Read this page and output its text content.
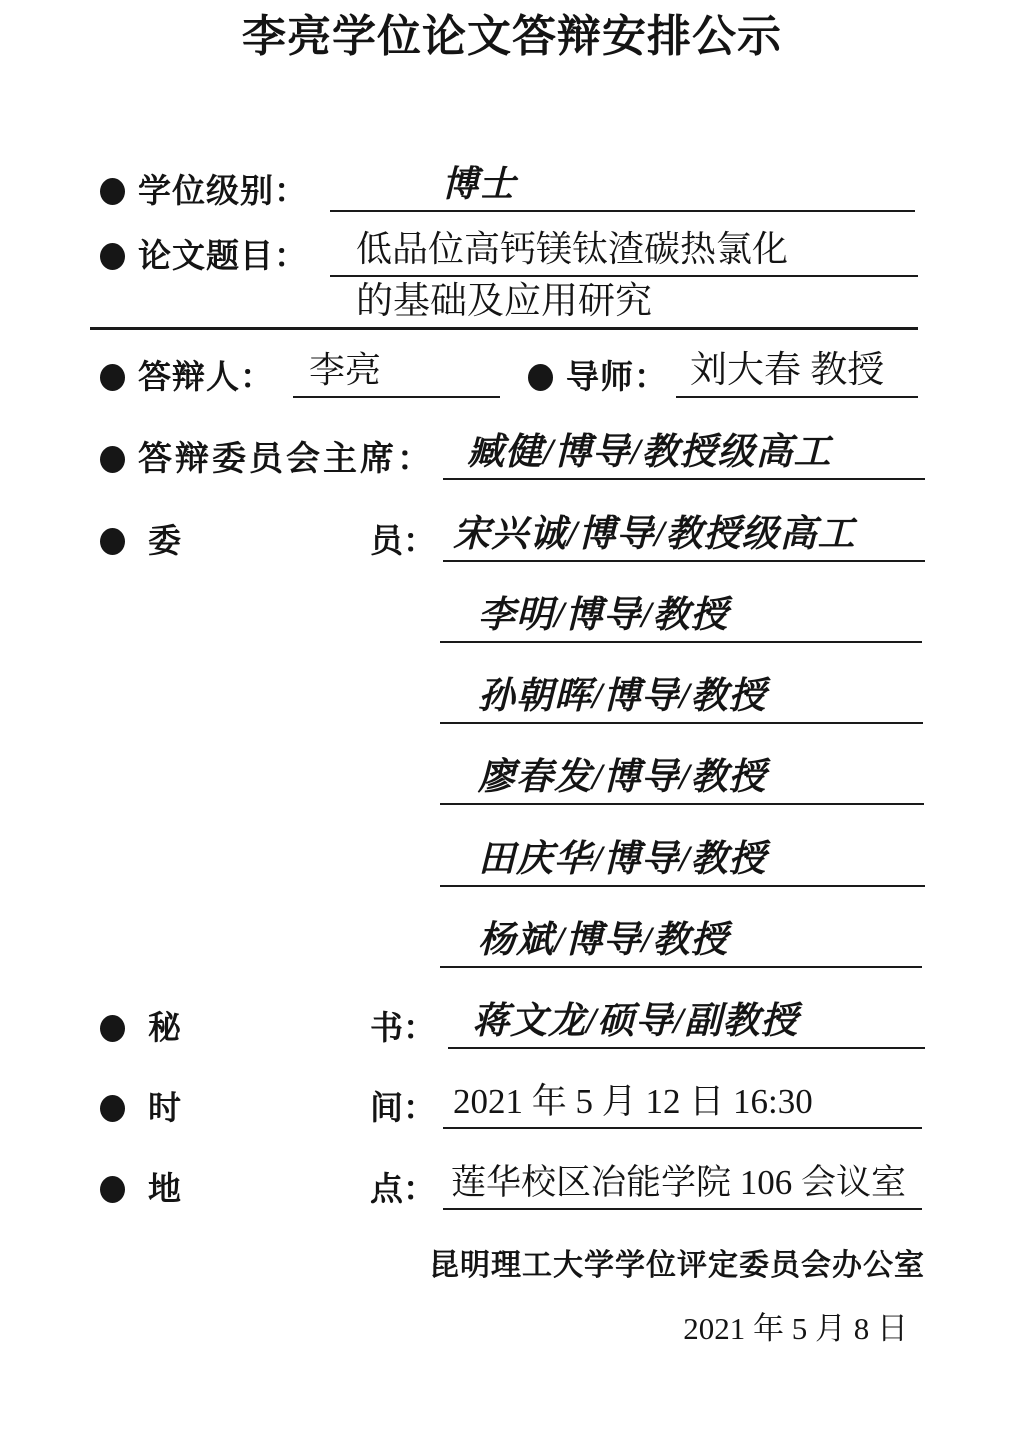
李亮学位论文答辩安排公示
学位级别：	博士
论文题目：	低品位高钙镁钛渣碳热氯化
的基础及应用研究
答辩人： 李亮	导师： 刘大春 教授
答辩委员会主席： 臧健/博导/教授级高工
委	员： 宋兴诚/博导/教授级高工
李明/博导/教授
孙朝晖/博导/教授
廖春发/博导/教授
田庆华/博导/教授
杨斌/博导/教授
秘	书： 蒋文龙/硕导/副教授
时	间： 2021 年 5 月 12 日 16:30
地	点： 莲华校区冶能学院 106 会议室
昆明理工大学学位评定委员会办公室
2021 年 5 月 8 日
